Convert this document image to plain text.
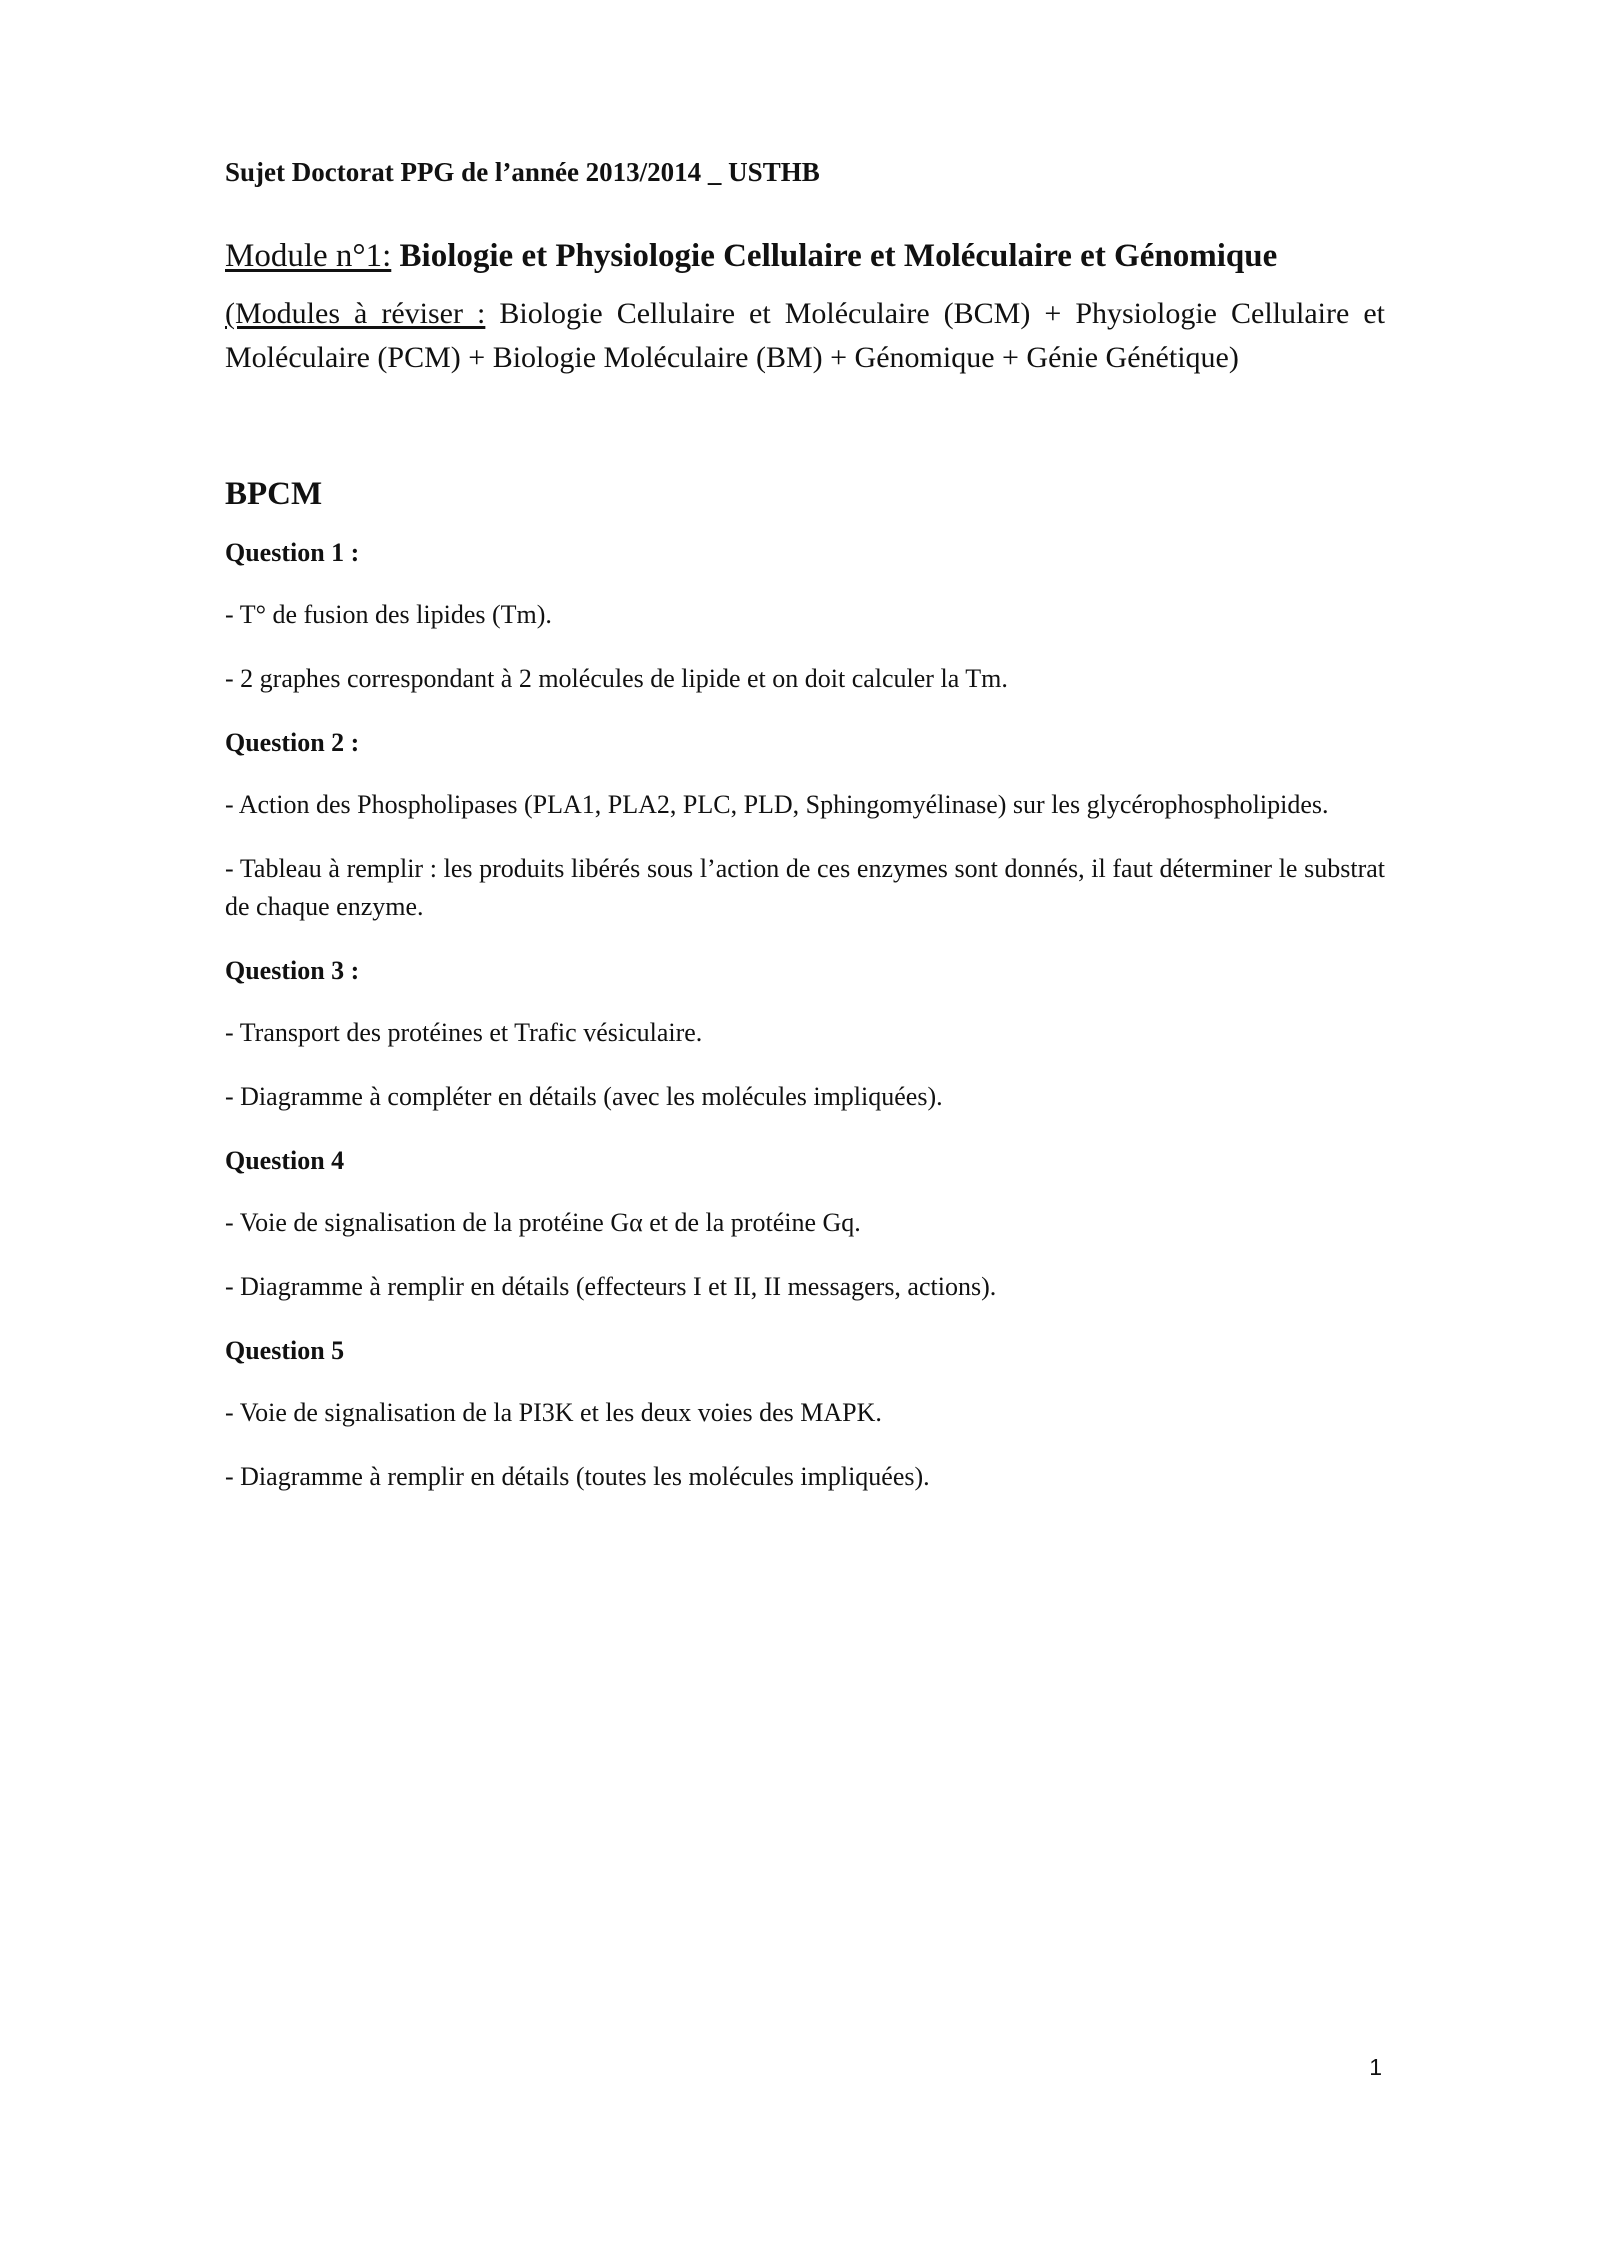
Sujet Doctorat PPG de l’année 2013/2014 _ USTHB
Module n°1: Biologie et Physiologie Cellulaire et Moléculaire et Génomique
(Modules à réviser : Biologie Cellulaire et Moléculaire (BCM) + Physiologie Cellulaire et Moléculaire (PCM) + Biologie Moléculaire (BM) + Génomique + Génie Génétique)
BPCM
Question 1 :
- T° de fusion des lipides (Tm).
- 2 graphes correspondant à 2 molécules de lipide et on doit calculer la Tm.
Question 2 :
- Action des Phospholipases (PLA1, PLA2, PLC, PLD, Sphingomyélinase) sur les glycérophospholipides.
- Tableau à remplir : les produits libérés sous l’action de ces enzymes sont donnés, il faut déterminer le substrat de chaque enzyme.
Question 3 :
- Transport des protéines et Trafic vésiculaire.
- Diagramme à compléter en détails (avec les molécules impliquées).
Question 4
- Voie de signalisation de la protéine Gα et de la protéine Gq.
- Diagramme à remplir en détails (effecteurs I et II, II messagers, actions).
Question 5
- Voie de signalisation de la PI3K et les deux voies des MAPK.
- Diagramme à remplir en détails (toutes les molécules impliquées).
1
